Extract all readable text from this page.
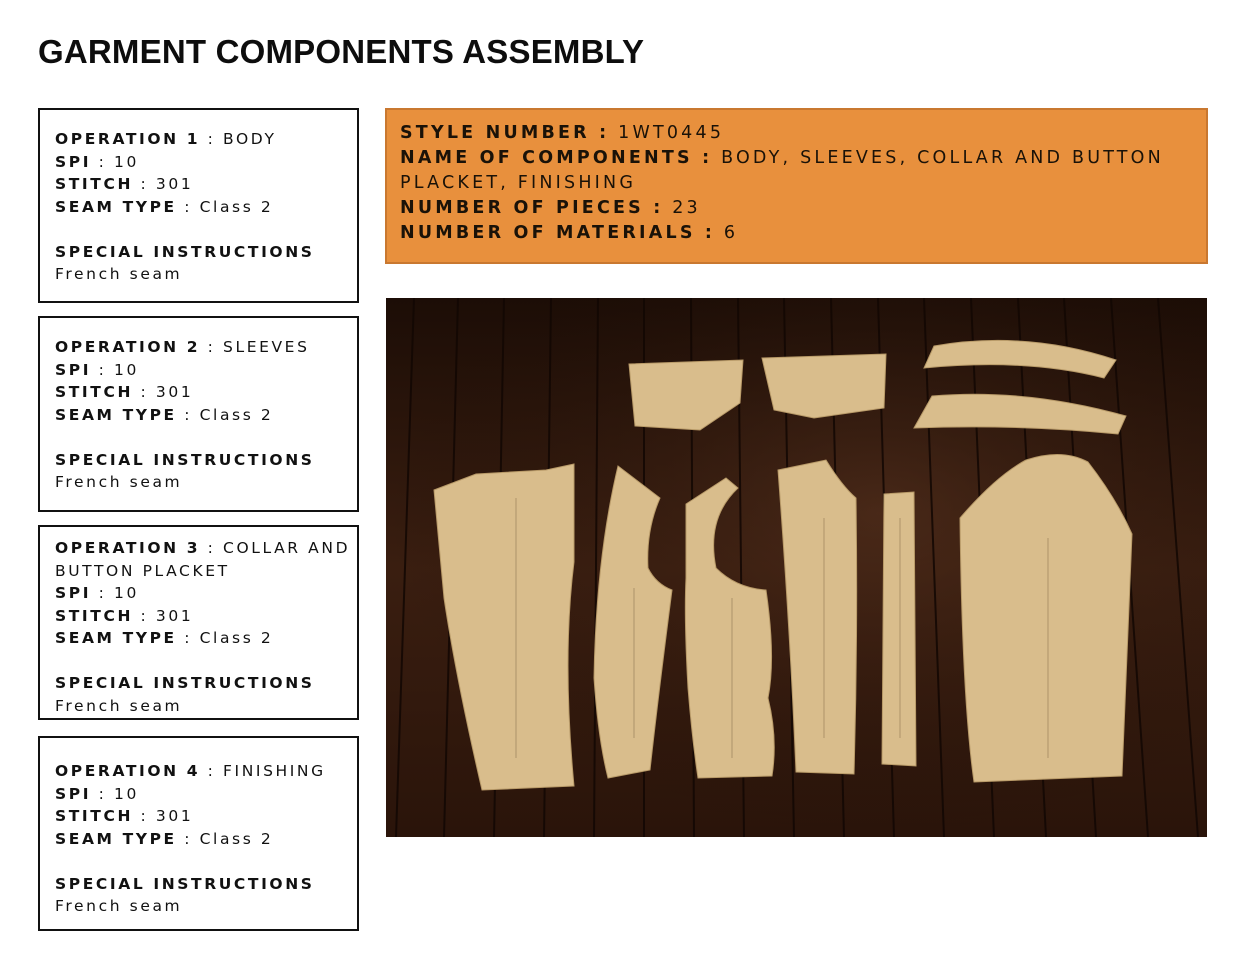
GARMENT COMPONENTS ASSEMBLY
OPERATION 1 : BODY
SPI : 10
STITCH : 301
SEAM TYPE : Class 2
SPECIAL INSTRUCTIONS
French seam
OPERATION 2 : SLEEVES
SPI : 10
STITCH : 301
SEAM TYPE : Class 2
SPECIAL INSTRUCTIONS
French seam
OPERATION 3 : COLLAR AND BUTTON PLACKET
SPI : 10
STITCH : 301
SEAM TYPE : Class 2
SPECIAL INSTRUCTIONS
French seam
OPERATION 4 : FINISHING
SPI : 10
STITCH : 301
SEAM TYPE : Class 2
SPECIAL INSTRUCTIONS
French seam
STYLE NUMBER : 1WT0445
NAME OF COMPONENTS : BODY, SLEEVES, COLLAR AND BUTTON PLACKET, FINISHING
NUMBER OF PIECES : 23
NUMBER OF MATERIALS : 6
